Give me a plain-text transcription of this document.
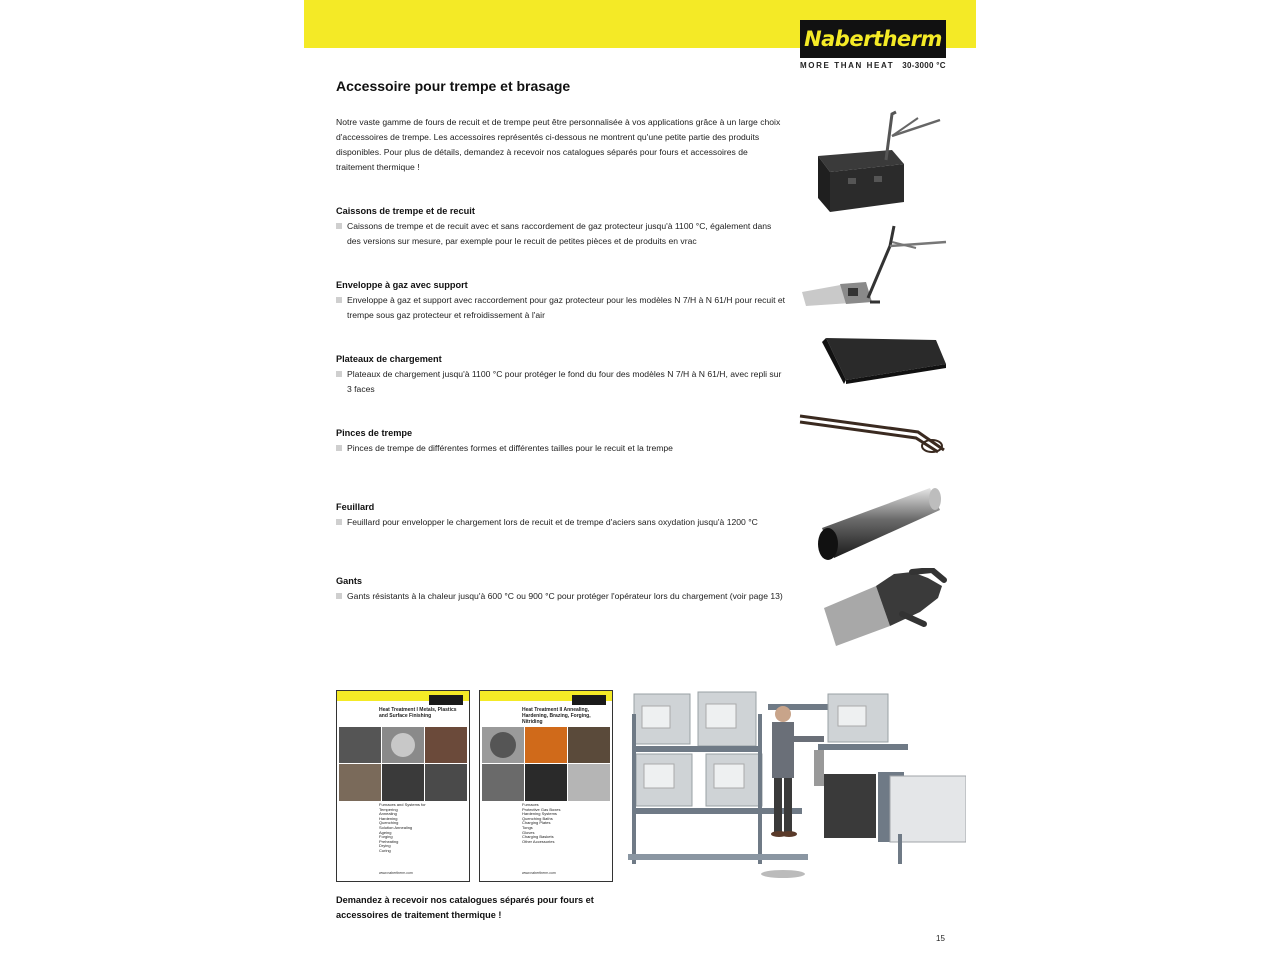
Nabertherm
MORE THAN HEAT 30-3000 °C
Accessoire pour trempe et brasage
Notre vaste gamme de fours de recuit et de trempe peut être personnalisée à vos applications grâce à un large choix d'accessoires de trempe. Les accessoires représentés ci-dessous ne montrent qu'une petite partie des produits disponibles. Pour plus de détails, demandez à recevoir nos catalogues séparés pour fours et accessoires de traitement thermique !
Caissons de trempe et de recuit
Caissons de trempe et de recuit avec et sans raccordement de gaz protecteur jusqu'à 1100 °C, également dans des versions sur mesure, par exemple pour le recuit de petites pièces et de produits en vrac
Enveloppe à gaz avec support
Enveloppe à gaz et support avec raccordement pour gaz protecteur pour les modèles N 7/H à N 61/H pour recuit et trempe sous gaz protecteur et refroidissement à l'air
Plateaux de chargement
Plateaux de chargement jusqu'à 1100 °C pour protéger le fond du four des modèles N 7/H à N 61/H, avec repli sur 3 faces
Pinces de trempe
Pinces de trempe de différentes formes et différentes tailles pour le recuit et la trempe
Feuillard
Feuillard pour envelopper le chargement lors de recuit et de trempe d'aciers sans oxydation jusqu'à 1200 °C
Gants
Gants résistants à la chaleur jusqu'à 600 °C ou 900 °C pour protéger l'opérateur lors du chargement (voir page 13)
Heat Treatment I Metals, Plastics and Surface Finishing
Furnaces and Systems for
Tempering
Annealing
Hardening
Quenching
Solution Annealing
Ageing
Forging
Preheating
Drying
Curing
www.nabertherm.com
Heat Treatment II Annealing, Hardening, Brazing, Forging, Nitriding
Furnaces
Protective Gas Boxes
Hardening Systems
Quenching Baths
Charging Plates
Tongs
Gloves
Charging Baskets
Other Accessories
www.nabertherm.com
Demandez à recevoir nos catalogues séparés pour fours et accessoires de traitement thermique !
15
